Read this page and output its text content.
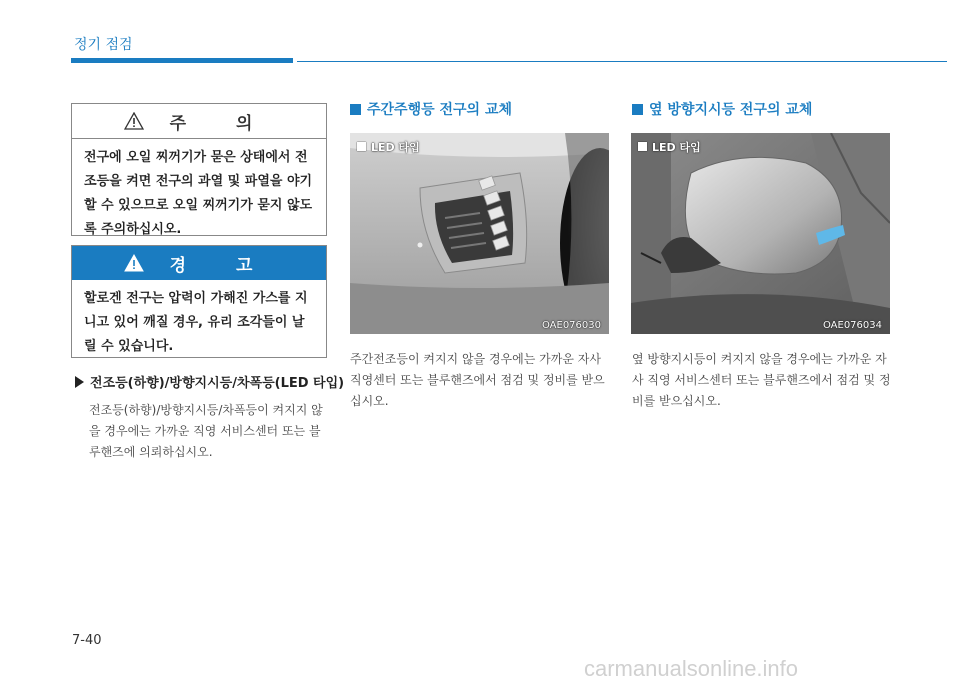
정기 점검
주 의
전구에 오일 찌꺼기가 묻은 상태에서 전조등을 켜면 전구의 과열 및 파열을 야기할 수 있으므로 오일 찌꺼기가 묻지 않도록 주의하십시오.
경 고
할로겐 전구는 압력이 가해진 가스를 지니고 있어 깨질 경우, 유리 조각들이 날릴 수 있습니다.
전조등(하향)/방향지시등/차폭등(LED 타입)
전조등(하향)/방향지시등/차폭등이 켜지지 않을 경우에는 가까운 직영 서비스센터 또는 블루핸즈에 의뢰하십시오.
주간주행등 전구의 교체
LED 타입
OAE076030
주간전조등이 켜지지 않을 경우에는 가까운 자사 직영센터 또는 블루핸즈에서 점검 및 정비를 받으십시오.
옆 방향지시등 전구의 교체
LED 타입
OAE076034
옆 방향지시등이 켜지지 않을 경우에는 가까운 자사 직영 서비스센터 또는 블루핸즈에서 점검 및 정비를 받으십시오.
7-40
carmanualsonline.info
